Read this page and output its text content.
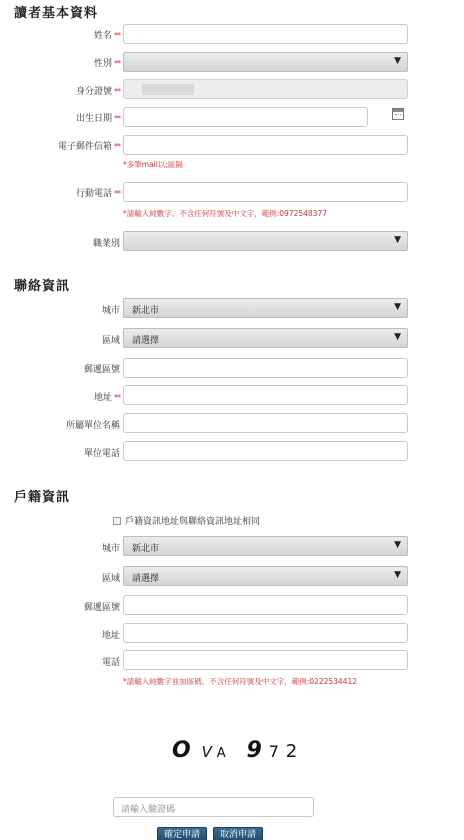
讀者基本資料
姓名 **
性別 **	▼
身分證號 **
出生日期 **
電子郵件信箱 **
*多筆mail以;區隔
行動電話 **
*請輸入純數字、不含任何符號及中文字，範例:0972548377
職業別	▼
聯絡資訊
城市 新北市	▼
區域 請選擇	▼
郵遞區號
地址 **
所屬單位名稱
單位電話
戶籍資訊
戶籍資訊地址與聯絡資訊地址相同
城市 新北市	▼
區域 請選擇	▼
郵遞區號
地址
電話
*請輸入純數字並加區碼、不含任何符號及中文字，範例:0222534412
O V A 9 7 2
請輸入驗證碼
確定申請	取消申請
